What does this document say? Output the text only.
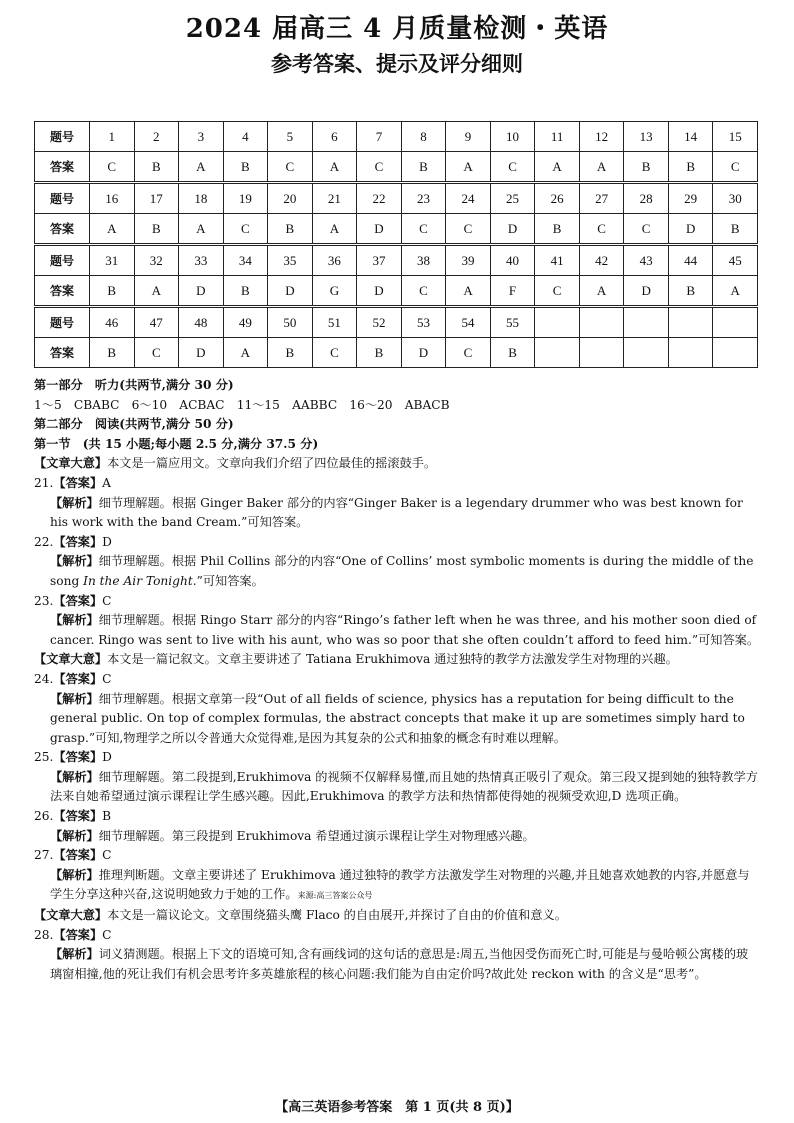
2024 届高三 4 月质量检测・英语
参考答案、提示及评分细则
题号	1	2	3	4	5	6	7	8	9	10	11	12	13	14	15
答案	C	B	A	B	C	A	C	B	A	C	A	A	B	B	C
题号	16	17	18	19	20	21	22	23	24	25	26	27	28	29	30
答案	A	B	A	C	B	A	D	C	C	D	B	C	C	D	B
题号	31	32	33	34	35	36	37	38	39	40	41	42	43	44	45
答案	B	A	D	B	D	G	D	C	A	F	C	A	D	B	A
题号	46	47	48	49	50	51	52	53	54	55					
答案	B	C	D	A	B	C	B	D	C	B					

第一部分　听力(共两节,满分 30 分)

1～5　CBABC　6～10　ACBAC　11～15　AABBC　16～20　ABACB

第二部分　阅读(共两节,满分 50 分)

第一节　(共 15 小题;每小题 2.5 分,满分 37.5 分)

【文章大意】本文是一篇应用文。文章向我们介绍了四位最佳的摇滚鼓手。

21.【答案】A

【解析】细节理解题。根据 Ginger Baker 部分的内容“Ginger Baker is a legendary drummer who was best known for his work with the band Cream.”可知答案。

22.【答案】D

【解析】细节理解题。根据 Phil Collins 部分的内容“One of Collins’ most symbolic moments is during the middle of the song In the Air Tonight.”可知答案。

23.【答案】C

【解析】细节理解题。根据 Ringo Starr 部分的内容“Ringo’s father left when he was three, and his mother soon died of cancer. Ringo was sent to live with his aunt, who was so poor that she often couldn’t afford to feed him.”可知答案。

【文章大意】本文是一篇记叙文。文章主要讲述了 Tatiana Erukhimova 通过独特的教学方法激发学生对物理的兴趣。

24.【答案】C

【解析】细节理解题。根据文章第一段“Out of all fields of science, physics has a reputation for being difficult to the general public. On top of complex formulas, the abstract concepts that make it up are sometimes simply hard to grasp.”可知,物理学之所以令普通大众觉得难,是因为其复杂的公式和抽象的概念有时难以理解。

25.【答案】D

【解析】细节理解题。第二段提到,Erukhimova 的视频不仅解释易懂,而且她的热情真正吸引了观众。第三段又提到她的独特教学方法来自她希望通过演示课程让学生感兴趣。因此,Erukhimova 的教学方法和热情都使得她的视频受欢迎,D 选项正确。

26.【答案】B

【解析】细节理解题。第三段提到 Erukhimova 希望通过演示课程让学生对物理感兴趣。

27.【答案】C

【解析】推理判断题。文章主要讲述了 Erukhimova 通过独特的教学方法激发学生对物理的兴趣,并且她喜欢她教的内容,并愿意与学生分享这种兴奋,这说明她致力于她的工作。来源:高三答案公众号

【文章大意】本文是一篇议论文。文章围绕猫头鹰 Flaco 的自由展开,并探讨了自由的价值和意义。

28.【答案】C

【解析】词义猜测题。根据上下文的语境可知,含有画线词的这句话的意思是:周五,当他因受伤而死亡时,可能是与曼哈顿公寓楼的玻璃窗相撞,他的死让我们有机会思考许多英雄旅程的核心问题:我们能为自由定价吗?故此处 reckon with 的含义是“思考”。

【高三英语参考答案　第 1 页(共 8 页)】
